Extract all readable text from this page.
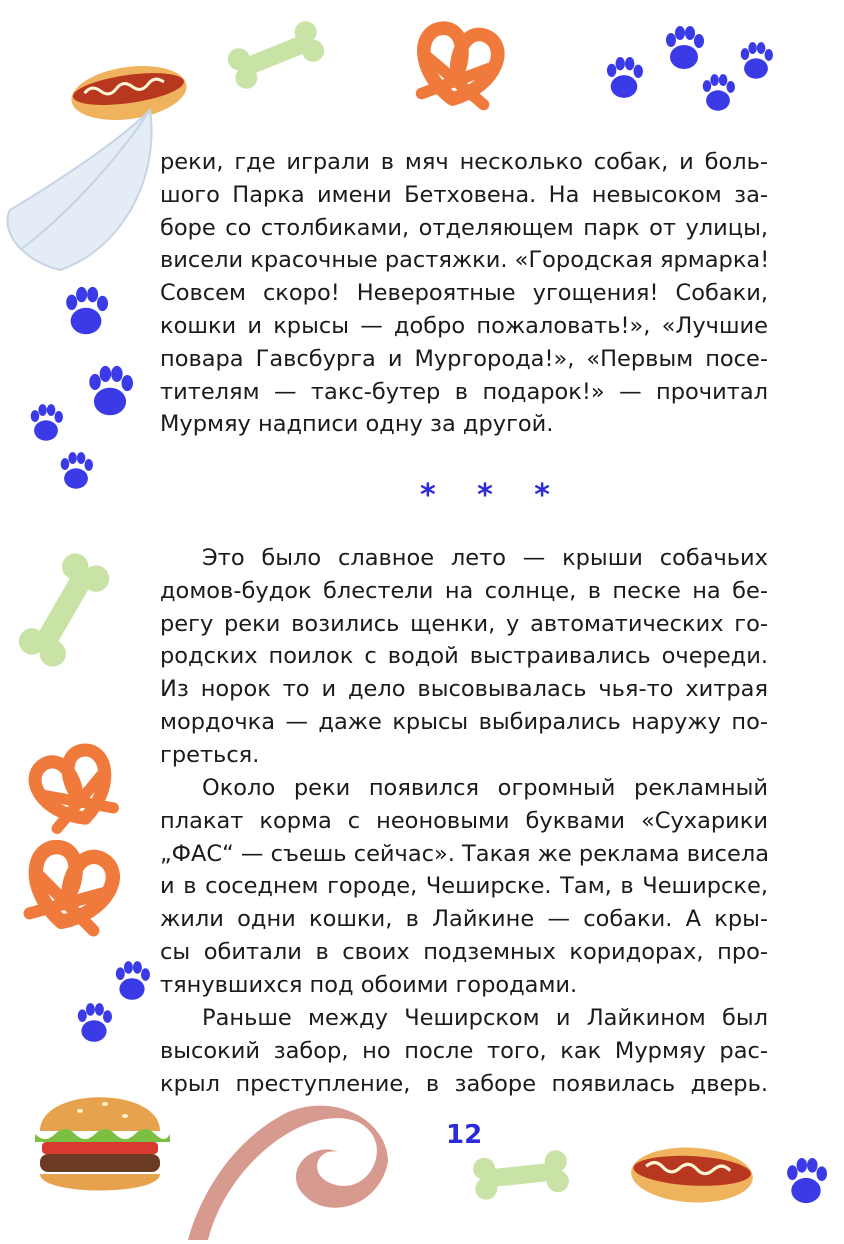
реки, где играли в мяч несколько собак, и боль-
шого Парка имени Бетховена. На невысоком за-
боре со столбиками, отделяющем парк от улицы,
висели красочные растяжки. «Городская ярмарка!
Совсем скоро! Невероятные угощения! Собаки,
кошки и крысы — добро пожаловать!», «Лучшие
повара Гавсбурга и Мургорода!», «Первым посе-
тителям — такс-бутер в подарок!» — прочитал
Мурмяу надписи одну за другой.
* * *
Это было славное лето — крыши собачьих
домов-будок блестели на солнце, в песке на бе-
регу реки возились щенки, у автоматических го-
родских поилок с водой выстраивались очереди.
Из норок то и дело высовывалась чья-то хитрая
мордочка — даже крысы выбирались наружу по-
греться.
Около реки появился огромный рекламный
плакат корма с неоновыми буквами «Сухарики
„ФАС“ — съешь сейчас». Такая же реклама висела
и в соседнем городе, Чеширске. Там, в Чеширске,
жили одни кошки, в Лайкине — собаки. А кры-
сы обитали в своих подземных коридорах, про-
тянувшихся под обоими городами.
Раньше между Чеширском и Лайкином был
высокий забор, но после того, как Мурмяу рас-
крыл преступление, в заборе появилась дверь.
12
